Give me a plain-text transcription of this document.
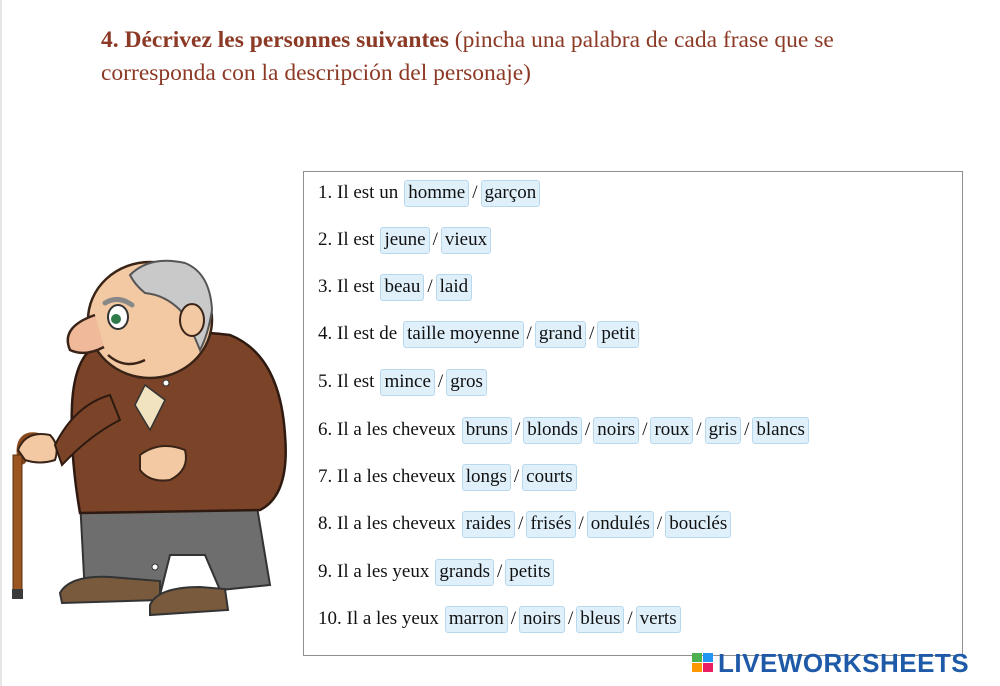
4. Décrivez les personnes suivantes (pincha una palabra de cada frase que se corresponda con la descripción del personaje)
1. Il est un homme / garçon
2. Il est jeune / vieux
3. Il est beau / laid
4. Il est de taille moyenne / grand / petit
5. Il est mince / gros
6. Il a les cheveux bruns / blonds / noirs / roux / gris / blancs
7. Il a les cheveux longs / courts
8. Il a les cheveux raides / frisés / ondulés / bouclés
9. Il a les yeux grands / petits
10. Il a les yeux marron / noirs / bleus / verts
LIVEWORKSHEETS
